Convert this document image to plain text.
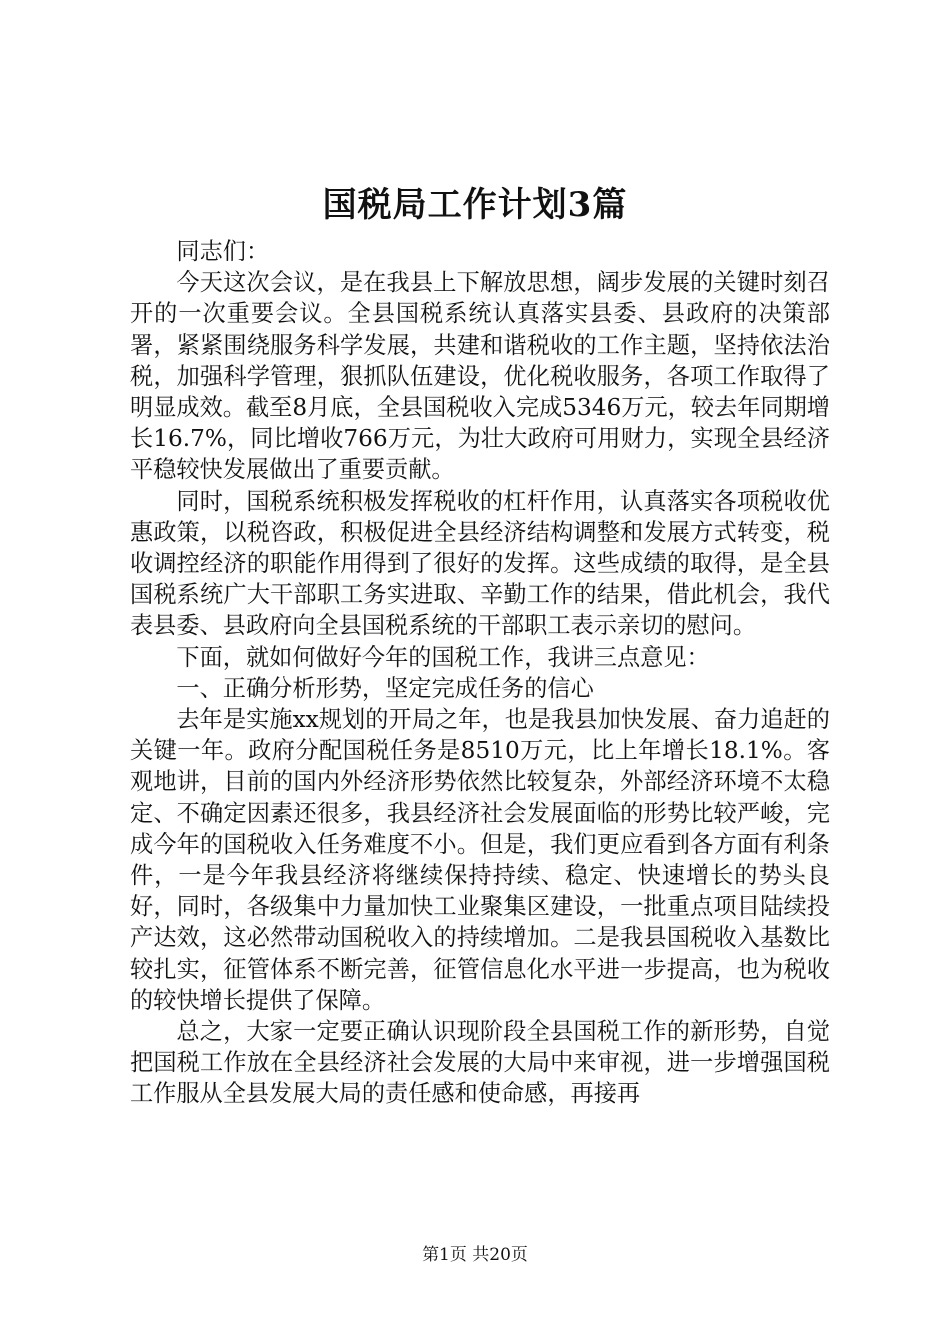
国税局工作计划3篇

同志们：

今天这次会议，是在我县上下解放思想，阔步发展的关键时刻召开的一次重要会议。全县国税系统认真落实县委、县政府的决策部署，紧紧围绕服务科学发展，共建和谐税收的工作主题，坚持依法治税，加强科学管理，狠抓队伍建设，优化税收服务，各项工作取得了明显成效。截至8月底，全县国税收入完成5346万元，较去年同期增长16.7%，同比增收766万元，为壮大政府可用财力，实现全县经济平稳较快发展做出了重要贡献。

同时，国税系统积极发挥税收的杠杆作用，认真落实各项税收优惠政策，以税咨政，积极促进全县经济结构调整和发展方式转变，税收调控经济的职能作用得到了很好的发挥。这些成绩的取得，是全县国税系统广大干部职工务实进取、辛勤工作的结果，借此机会，我代表县委、县政府向全县国税系统的干部职工表示亲切的慰问。

下面，就如何做好今年的国税工作，我讲三点意见：

一、正确分析形势，坚定完成任务的信心

去年是实施xx规划的开局之年，也是我县加快发展、奋力追赶的关键一年。政府分配国税任务是8510万元，比上年增长18.1%。客观地讲，目前的国内外经济形势依然比较复杂，外部经济环境不太稳定、不确定因素还很多，我县经济社会发展面临的形势比较严峻，完成今年的国税收入任务难度不小。但是，我们更应看到各方面有利条件，一是今年我县经济将继续保持持续、稳定、快速增长的势头良好，同时，各级集中力量加快工业聚集区建设，一批重点项目陆续投产达效，这必然带动国税收入的持续增加。二是我县国税收入基数比较扎实，征管体系不断完善，征管信息化水平进一步提高，也为税收的较快增长提供了保障。

总之，大家一定要正确认识现阶段全县国税工作的新形势，自觉把国税工作放在全县经济社会发展的大局中来审视，进一步增强国税工作服从全县发展大局的责任感和使命感，再接再

第1页 共20页
